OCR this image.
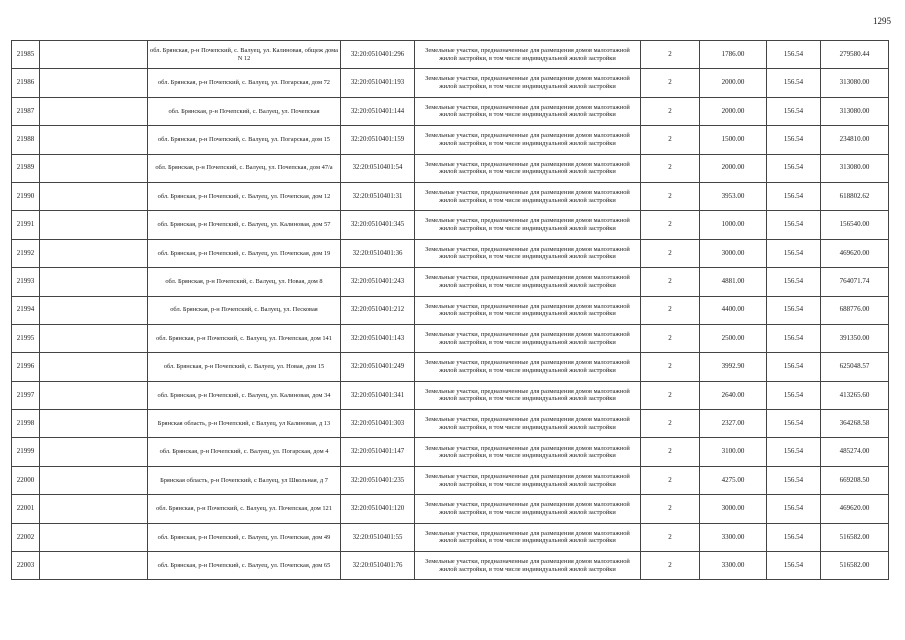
1295
21985		обл. Брянская, р-н Почепский, с. Валуец, ул. Калиновая, общеж дома N 12	32:20:0510401:296	Земельные участки, предназначенные для размещения домов малоэтажной жилой застройки, в том числе индивидуальной жилой застройки	2	1786.00	156.54	279580.44
21986		обл. Брянская, р-н Почепский, с. Валуец, ул. Погарская, дом 72	32:20:0510401:193	Земельные участки, предназначенные для размещения домов малоэтажной жилой застройки, в том числе индивидуальной жилой застройки	2	2000.00	156.54	313080.00
21987		обл. Брянская, р-н Почепский, с. Валуец, ул. Почепская	32:20:0510401:144	Земельные участки, предназначенные для размещения домов малоэтажной жилой застройки, в том числе индивидуальной жилой застройки	2	2000.00	156.54	313080.00
21988		обл. Брянская, р-н Почепский, с. Валуец, ул. Погарская, дом 15	32:20:0510401:159	Земельные участки, предназначенные для размещения домов малоэтажной жилой застройки, в том числе индивидуальной жилой застройки	2	1500.00	156.54	234810.00
21989		обл. Брянская, р-н Почепский, с. Валуец, ул. Почепская, дом 47/а	32:20:0510401:54	Земельные участки, предназначенные для размещения домов малоэтажной жилой застройки, в том числе индивидуальной жилой застройки	2	2000.00	156.54	313080.00
21990		обл. Брянская, р-н Почепский, с. Валуец, ул. Почепская, дом 12	32:20:0510401:31	Земельные участки, предназначенные для размещения домов малоэтажной жилой застройки, в том числе индивидуальной жилой застройки	2	3953.00	156.54	618802.62
21991		обл. Брянская, р-н Почепский, с. Валуец, ул. Калиновая, дом 57	32:20:0510401:345	Земельные участки, предназначенные для размещения домов малоэтажной жилой застройки, в том числе индивидуальной жилой застройки	2	1000.00	156.54	156540.00
21992		обл. Брянская, р-н Почепский, с. Валуец, ул. Почепская, дом 19	32:20:0510401:36	Земельные участки, предназначенные для размещения домов малоэтажной жилой застройки, в том числе индивидуальной жилой застройки	2	3000.00	156.54	469620.00
21993		обл. Брянская, р-н Почепский, с. Валуец, ул. Новая, дом 8	32:20:0510401:243	Земельные участки, предназначенные для размещения домов малоэтажной жилой застройки, в том числе индивидуальной жилой застройки	2	4881.00	156.54	764071.74
21994		обл. Брянская, р-н Почепский, с. Валуец, ул. Песковая	32:20:0510401:212	Земельные участки, предназначенные для размещения домов малоэтажной жилой застройки, в том числе индивидуальной жилой застройки	2	4400.00	156.54	688776.00
21995		обл. Брянская, р-н Почепский, с. Валуец, ул. Почепская, дом 141	32:20:0510401:143	Земельные участки, предназначенные для размещения домов малоэтажной жилой застройки, в том числе индивидуальной жилой застройки	2	2500.00	156.54	391350.00
21996		обл. Брянская, р-н Почепский, с. Валуец, ул. Новая, дом 15	32:20:0510401:249	Земельные участки, предназначенные для размещения домов малоэтажной жилой застройки, в том числе индивидуальной жилой застройки	2	3992.90	156.54	625048.57
21997		обл. Брянская, р-н Почепский, с. Валуец, ул. Калиновая, дом 34	32:20:0510401:341	Земельные участки, предназначенные для размещения домов малоэтажной жилой застройки, в том числе индивидуальной жилой застройки	2	2640.00	156.54	413265.60
21998		Брянская область, р-н Почепский, с Валуец, ул Калиновая, д 13	32:20:0510401:303	Земельные участки, предназначенные для размещения домов малоэтажной жилой застройки, в том числе индивидуальной жилой застройки	2	2327.00	156.54	364268.58
21999		обл. Брянская, р-н Почепский, с. Валуец, ул. Погарская, дом 4	32:20:0510401:147	Земельные участки, предназначенные для размещения домов малоэтажной жилой застройки, в том числе индивидуальной жилой застройки	2	3100.00	156.54	485274.00
22000		Брянская область, р-н Почепский, с Валуец, ул Школьная, д 7	32:20:0510401:235	Земельные участки, предназначенные для размещения домов малоэтажной жилой застройки, в том числе индивидуальной жилой застройки	2	4275.00	156.54	669208.50
22001		обл. Брянская, р-н Почепский, с. Валуец, ул. Почепская, дом 121	32:20:0510401:120	Земельные участки, предназначенные для размещения домов малоэтажной жилой застройки, в том числе индивидуальной жилой застройки	2	3000.00	156.54	469620.00
22002		обл. Брянская, р-н Почепский, с. Валуец, ул. Почепская, дом 49	32:20:0510401:55	Земельные участки, предназначенные для размещения домов малоэтажной жилой застройки, в том числе индивидуальной жилой застройки	2	3300.00	156.54	516582.00
22003		обл. Брянская, р-н Почепский, с. Валуец, ул. Почепская, дом 65	32:20:0510401:76	Земельные участки, предназначенные для размещения домов малоэтажной жилой застройки, в том числе индивидуальной жилой застройки	2	3300.00	156.54	516582.00
